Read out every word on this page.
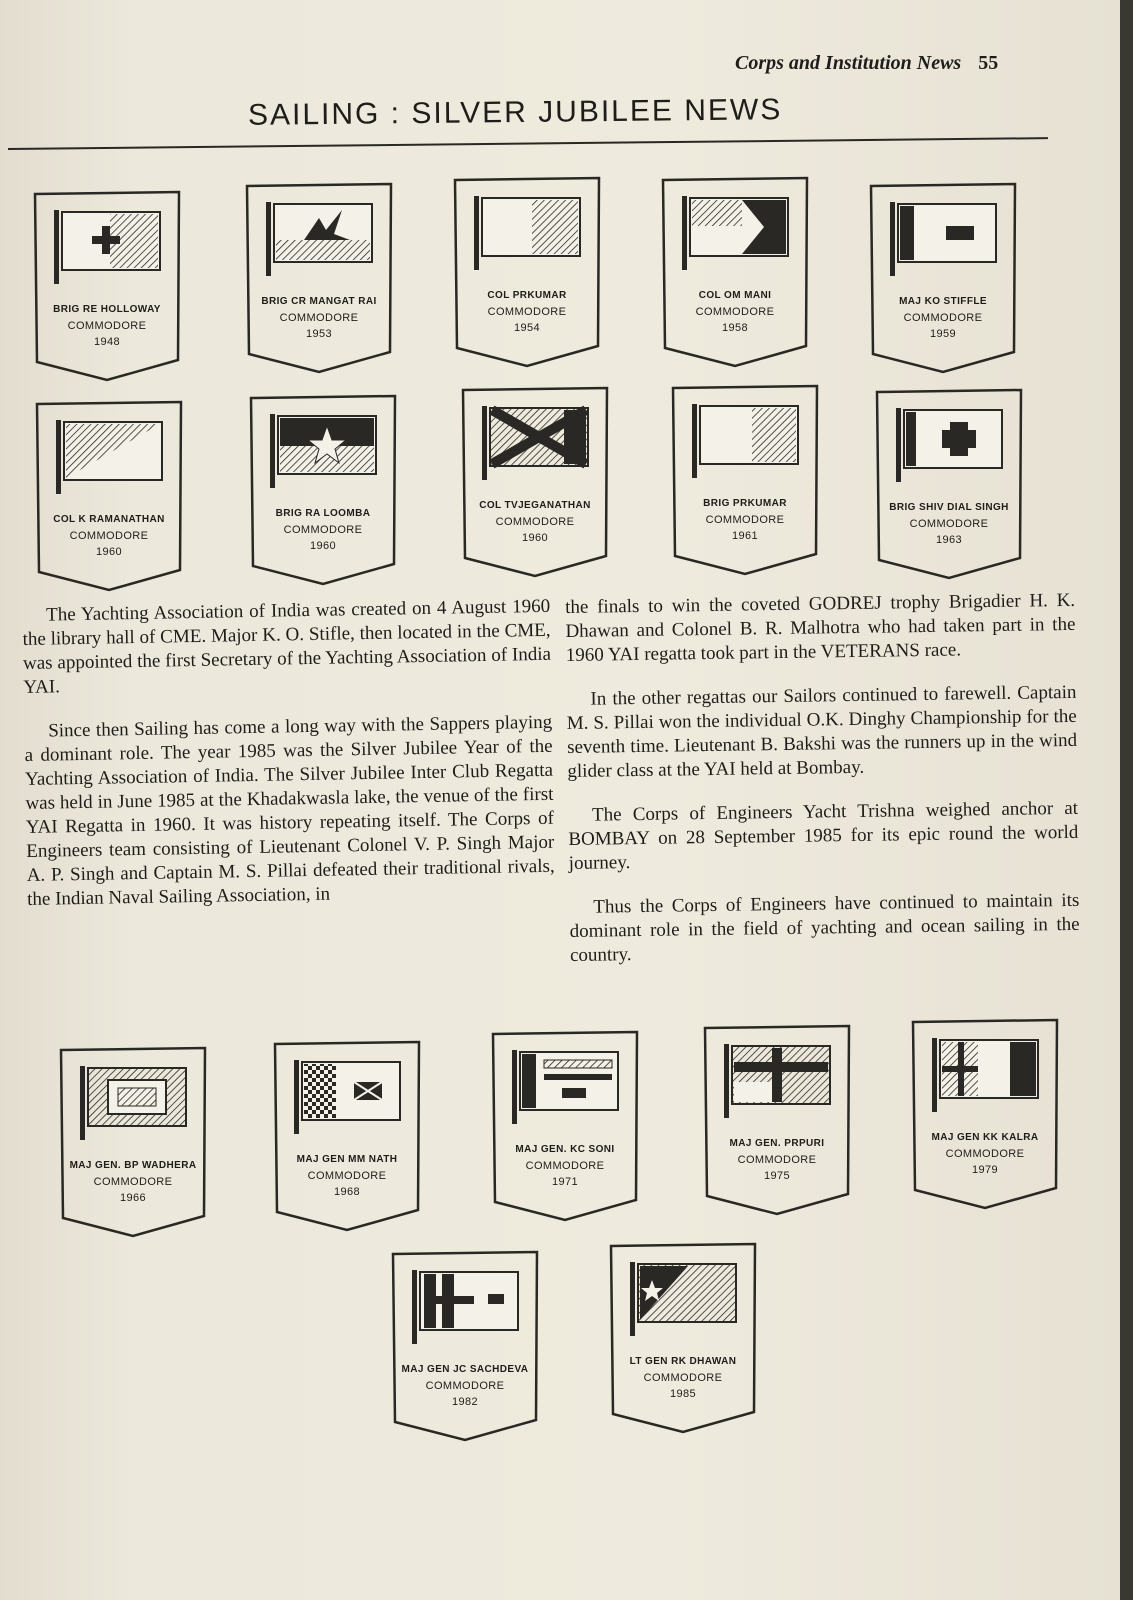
Corps and Institution News 55
SAILING : SILVER JUBILEE NEWS
BRIG RE HOLLOWAY
COMMODORE
1948
BRIG CR MANGAT RAI
COMMODORE
1953
COL PRKUMAR
COMMODORE
1954
COL OM MANI
COMMODORE
1958
MAJ KO STIFFLE
COMMODORE
1959
COL K RAMANATHAN
COMMODORE
1960
BRIG RA LOOMBA
COMMODORE
1960
COL TVJEGANATHAN
COMMODORE
1960
BRIG PRKUMAR
COMMODORE
1961
BRIG SHIV DIAL SINGH
COMMODORE
1963

The Yachting Association of India was created on 4 August 1960 the library hall of CME. Major K. O. Stifle, then located in the CME, was appointed the first Secretary of the Yachting Association of India YAI.

Since then Sailing has come a long way with the Sappers playing a dominant role. The year 1985 was the Silver Jubilee Year of the Yachting Association of India. The Silver Jubilee Inter Club Regatta was held in June 1985 at the Khadakwasla lake, the venue of the first YAI Regatta in 1960. It was history repeating itself. The Corps of Engineers team consisting of Lieutenant Colonel V. P. Singh Major A. P. Singh and Captain M. S. Pillai defeated their traditional rivals, the Indian Naval Sailing Association, in

the finals to win the coveted GODREJ trophy Brigadier H. K. Dhawan and Colonel B. R. Malhotra who had taken part in the 1960 YAI regatta took part in the VETERANS race.

In the other regattas our Sailors continued to farewell. Captain M. S. Pillai won the individual O.K. Dinghy Championship for the seventh time. Lieutenant B. Bakshi was the runners up in the wind glider class at the YAI held at Bombay.

The Corps of Engineers Yacht Trishna weighed anchor at BOMBAY on 28 September 1985 for its epic round the world journey.

Thus the Corps of Engineers have continued to maintain its dominant role in the field of yachting and ocean sailing in the country.

MAJ GEN. BP WADHERA
COMMODORE
1966
MAJ GEN MM NATH
COMMODORE
1968
MAJ GEN. KC SONI
COMMODORE
1971
MAJ GEN. PRPURI
COMMODORE
1975
MAJ GEN KK KALRA
COMMODORE
1979
MAJ GEN JC SACHDEVA
COMMODORE
1982
LT GEN RK DHAWAN
COMMODORE
1985
